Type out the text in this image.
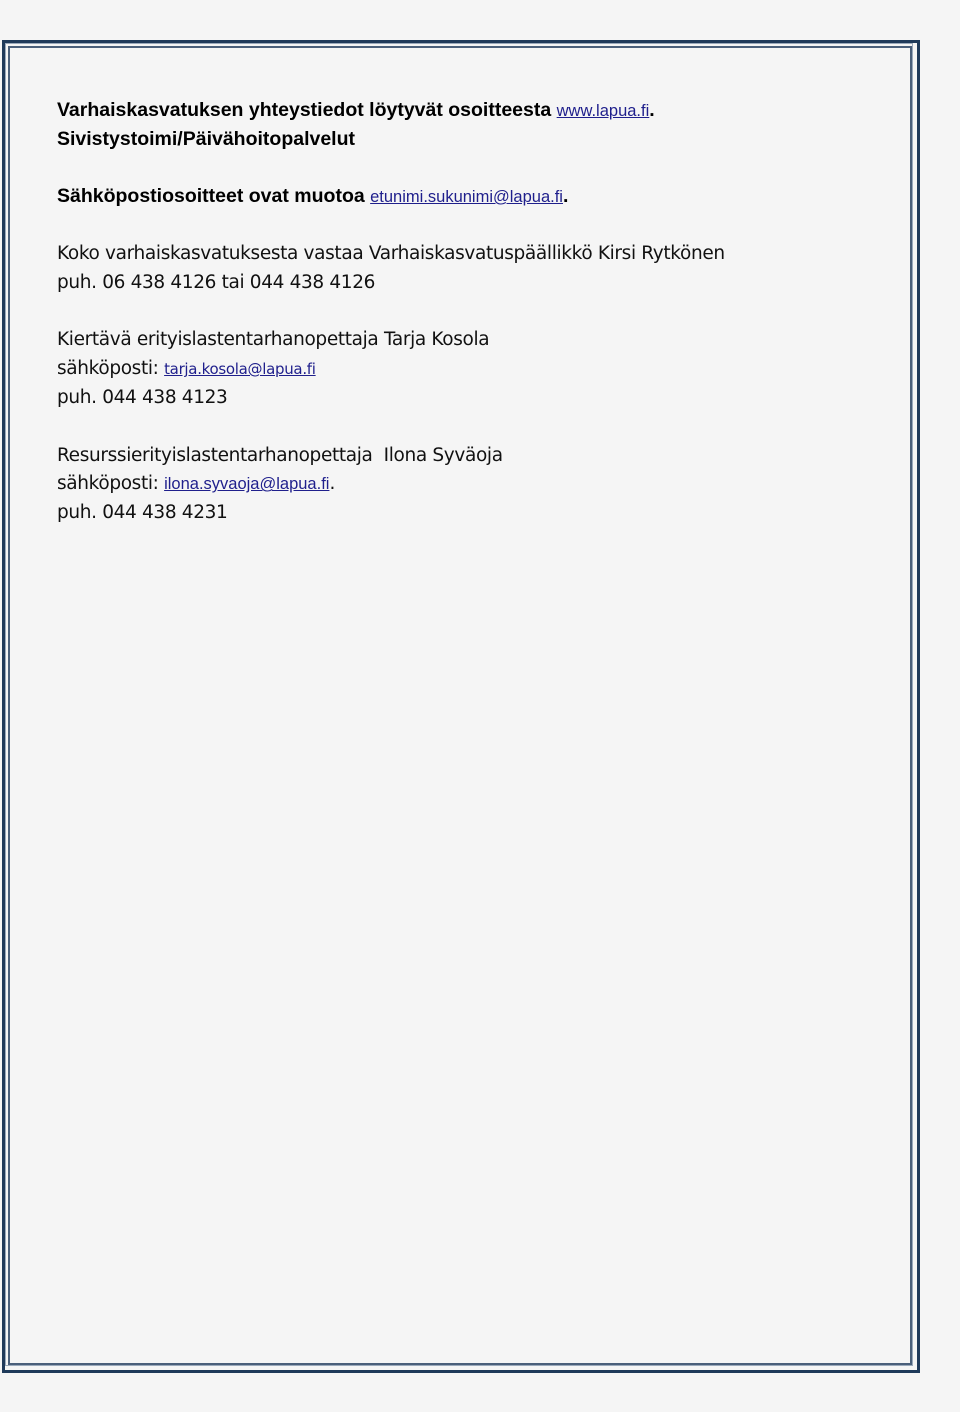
Varhaiskasvatuksen yhteystiedot löytyvät osoitteesta www.lapua.fi.
Sivistystoimi/Päivähoitopalvelut
Sähköpostiosoitteet ovat muotoa etunimi.sukunimi@lapua.fi.
Koko varhaiskasvatuksesta vastaa Varhaiskasvatuspäällikkö Kirsi Rytkönen
puh. 06 438 4126 tai 044 438 4126
Kiertävä erityislastentarhanopettaja Tarja Kosola
sähköposti: tarja.kosola@lapua.fi
puh. 044 438 4123
Resurssierityislastentarhanopettaja  Ilona Syväoja
sähköposti: ilona.syvaoja@lapua.fi.
puh. 044 438 4231
